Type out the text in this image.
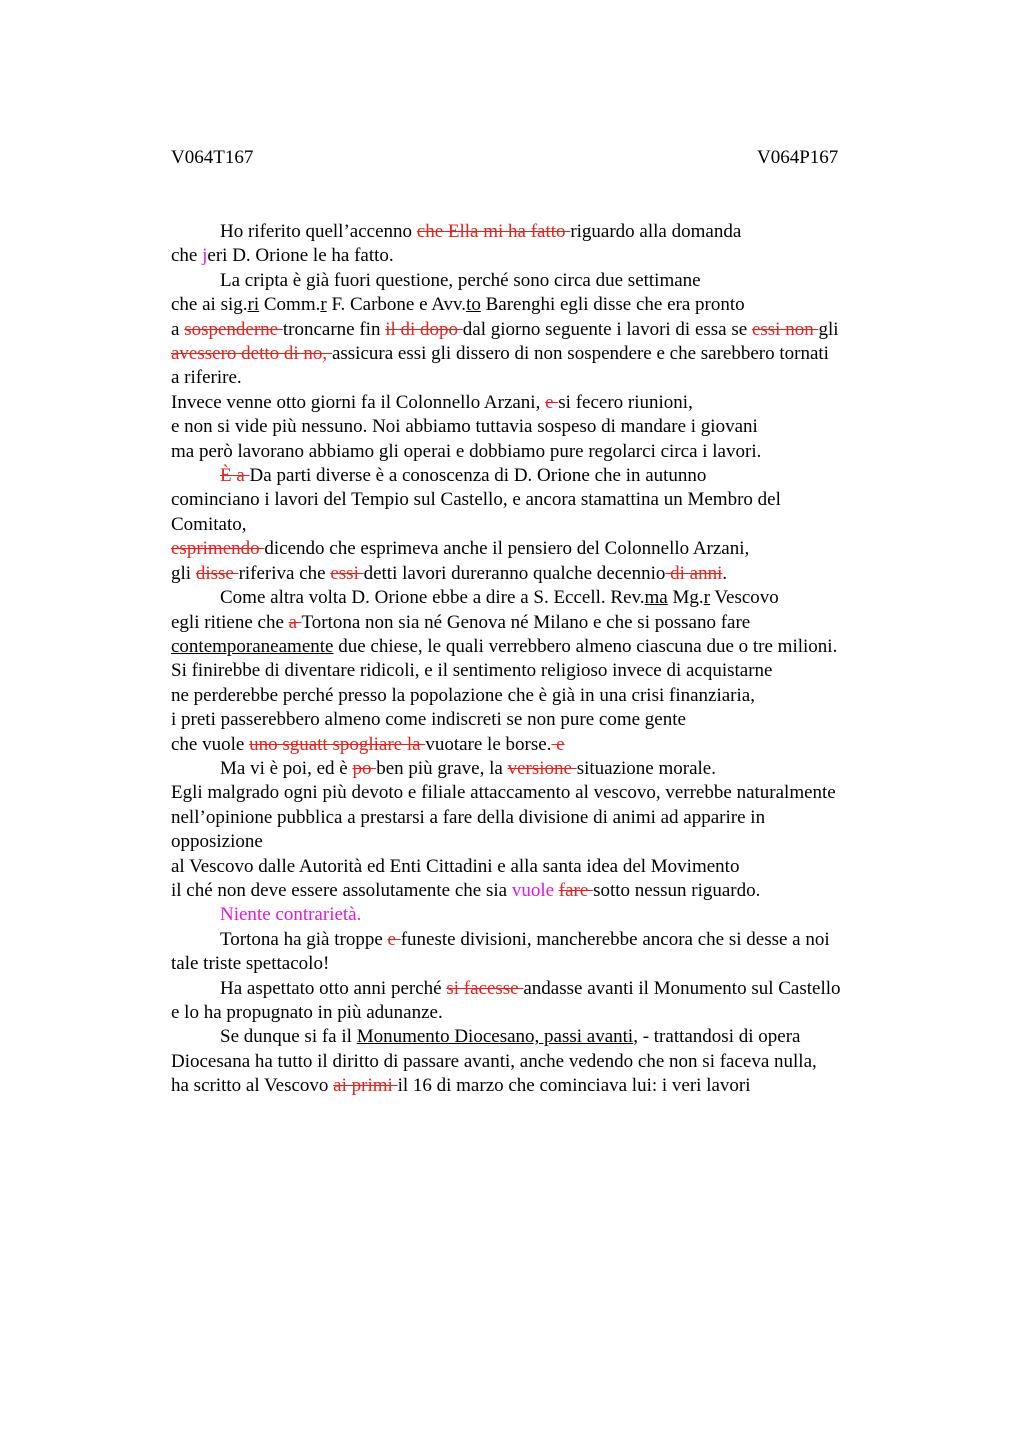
V064T167	V064P167
Ho riferito quell’accenno che Ella mi ha fatto riguardo alla domanda
che jeri D. Orione le ha fatto.
La cripta è già fuori questione, perché sono circa due settimane
che ai sig.ri Comm.r F. Carbone e Avv.to Barenghi egli disse che era pronto
a sospenderne troncarne fin il di dopo dal giorno seguente i lavori di essa se essi non gli
avessero detto di no, assicura essi gli dissero di non sospendere e che sarebbero tornati
a riferire.
Invece venne otto giorni fa il Colonnello Arzani, e si fecero riunioni,
e non si vide più nessuno. Noi abbiamo tuttavia sospeso di mandare i giovani
ma però lavorano abbiamo gli operai e dobbiamo pure regolarci circa i lavori.
È a Da parti diverse è a conoscenza di D. Orione che in autunno
cominciano i lavori del Tempio sul Castello, e ancora stamattina un Membro del
Comitato,
esprimendo dicendo che esprimeva anche il pensiero del Colonnello Arzani,
gli disse riferiva che essi detti lavori dureranno qualche decennio di anni.
Come altra volta D. Orione ebbe a dire a S. Eccell. Rev.ma Mg.r Vescovo
egli ritiene che a Tortona non sia né Genova né Milano e che si possano fare
contemporaneamente due chiese, le quali verrebbero almeno ciascuna due o tre milioni.
Si finirebbe di diventare ridicoli, e il sentimento religioso invece di acquistarne
ne perderebbe perché presso la popolazione che è già in una crisi finanziaria,
i preti passerebbero almeno come indiscreti se non pure come gente
che vuole uno sguatt spogliare la vuotare le borse. e
Ma vi è poi, ed è po ben più grave, la versione situazione morale.
Egli malgrado ogni più devoto e filiale attaccamento al vescovo, verrebbe naturalmente
nell’opinione pubblica a prestarsi a fare della divisione di animi ad apparire in
opposizione
al Vescovo dalle Autorità ed Enti Cittadini e alla santa idea del Movimento
il ché non deve essere assolutamente che sia vuole fare sotto nessun riguardo.
Niente contrarietà.
Tortona ha già troppe e funeste divisioni, mancherebbe ancora che si desse a noi
tale triste spettacolo!
Ha aspettato otto anni perché si facesse andasse avanti il Monumento sul Castello
e lo ha propugnato in più adunanze.
Se dunque si fa il Monumento Diocesano, passi avanti, - trattandosi di opera
Diocesana ha tutto il diritto di passare avanti, anche vedendo che non si faceva nulla,
ha scritto al Vescovo ai primi il 16 di marzo che cominciava lui: i veri lavori
